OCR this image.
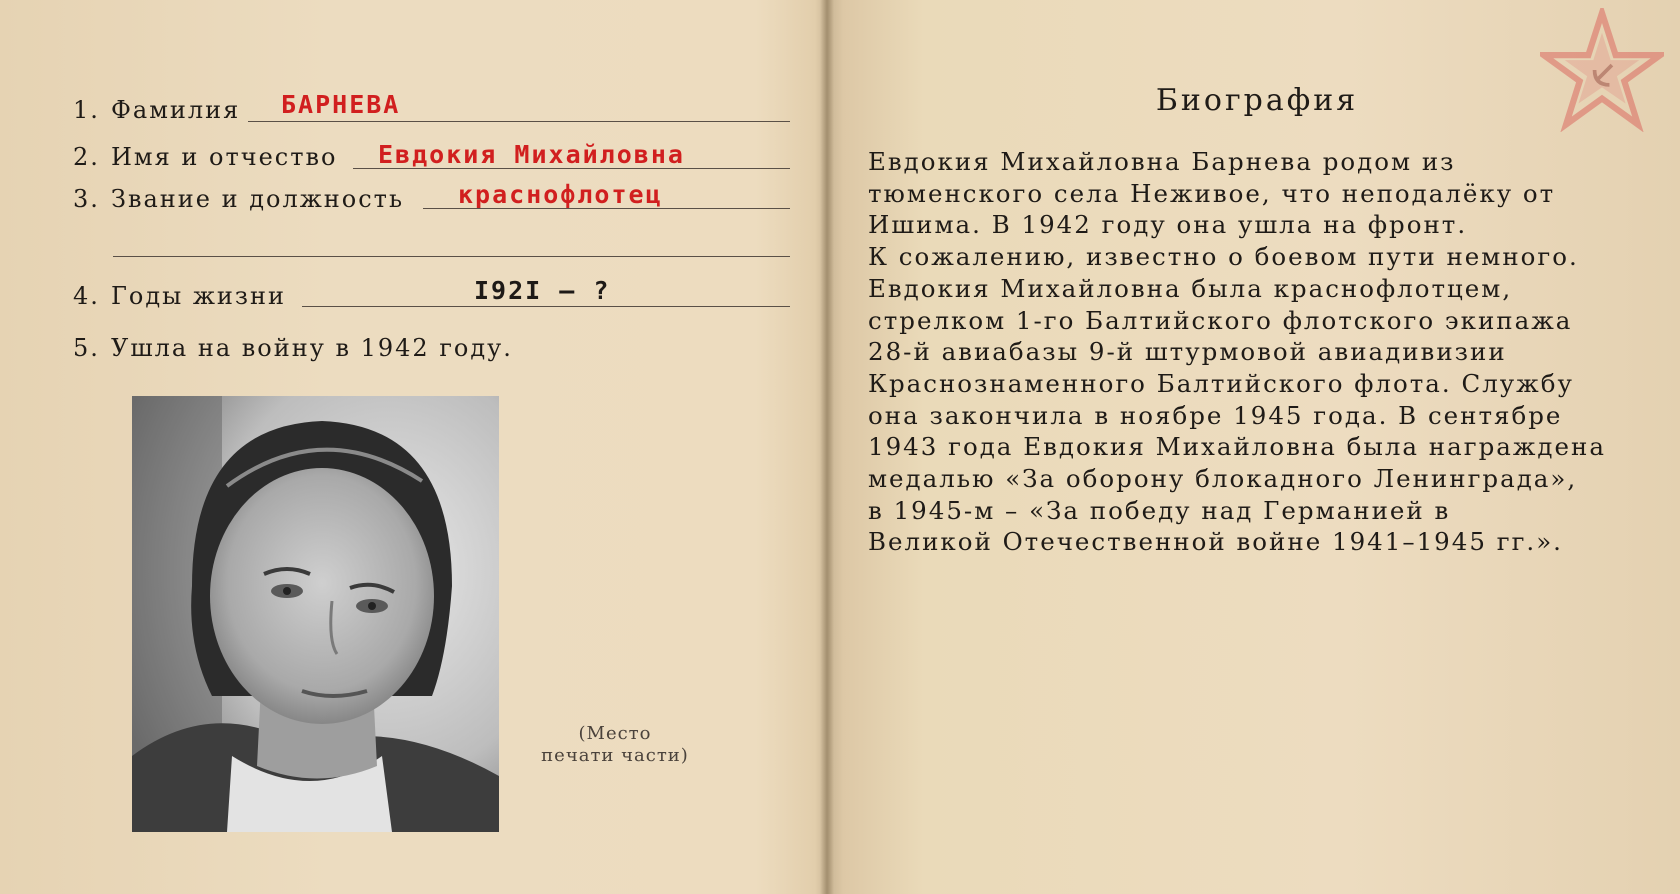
1. Фамилия БАРНЕВА
2. Имя и отчество Евдокия Михайловна
3. Звание и должность краснофлотец
4. Годы жизни	I92I — ?
5. Ушла на войну в 1942 году.
(Место
печати части)
Биография
Евдокия Михайловна Барнева родом из
тюменского села Неживое, что неподалёку от
Ишима. В 1942 году она ушла на фронт.
К сожалению, известно о боевом пути немного.
Евдокия Михайловна была краснофлотцем,
стрелком 1-го Балтийского флотского экипажа
28-й авиабазы 9-й штурмовой авиадивизии
Краснознаменного Балтийского флота. Службу
она закончила в ноябре 1945 года. В сентябре
1943 года Евдокия Михайловна была награждена
медалью «За оборону блокадного Ленинграда»,
в 1945-м – «За победу над Германией в
Великой Отечественной войне 1941–1945 гг.».
